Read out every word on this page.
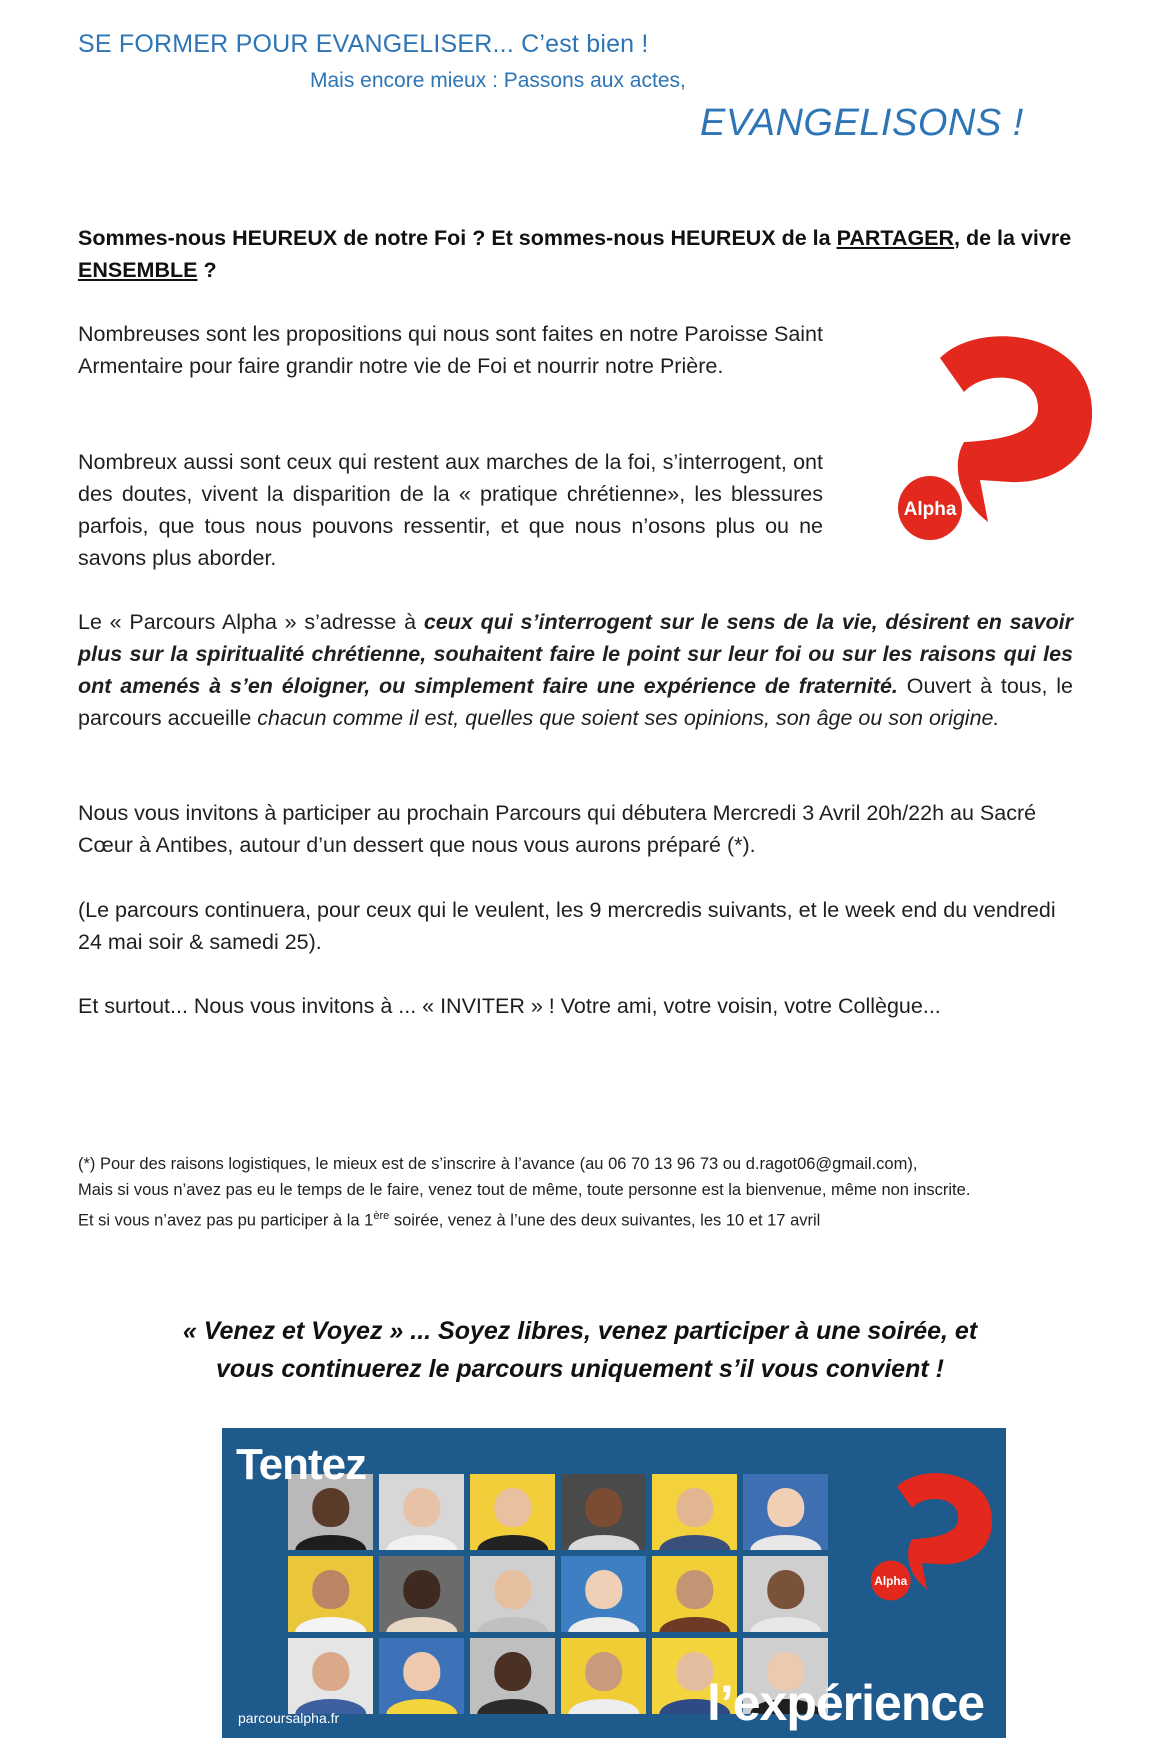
SE FORMER POUR EVANGELISER... C’est bien !

Mais encore mieux : Passons aux actes,

EVANGELISONS !

Sommes-nous HEUREUX de notre Foi ? Et sommes-nous HEUREUX de la PARTAGER, de la vivre ENSEMBLE ?

Nombreuses sont les propositions qui nous sont faites en notre Paroisse Saint Armentaire pour faire grandir notre vie de Foi et nourrir notre Prière.

Nombreux aussi sont ceux qui restent aux marches de la foi, s’interrogent, ont des doutes, vivent la disparition de la « pratique chrétienne», les blessures parfois, que tous nous pouvons ressentir, et que nous n’osons plus ou ne savons plus aborder.

Alpha

Le « Parcours Alpha » s’adresse à ceux qui s’interrogent sur le sens de la vie, désirent en savoir plus sur la spiritualité chrétienne, souhaitent faire le point sur leur foi ou sur les raisons qui les ont amenés à s’en éloigner, ou simplement faire une expérience de fraternité. Ouvert à tous, le parcours accueille chacun comme il est, quelles que soient ses opinions, son âge ou son origine.

Nous vous invitons à participer au prochain Parcours qui débutera Mercredi 3 Avril 20h/22h au Sacré Cœur à Antibes, autour d’un dessert que nous vous aurons préparé (*).

(Le parcours continuera, pour ceux qui le veulent, les 9 mercredis suivants, et le week end du vendredi 24 mai soir & samedi 25).

Et surtout... Nous vous invitons à ... « INVITER » ! Votre ami, votre voisin, votre Collègue...

(*) Pour des raisons logistiques, le mieux est de s’inscrire à l’avance (au 06 70 13 96 73 ou d.ragot06@gmail.com),
Mais si vous n’avez pas eu le temps de le faire, venez tout de même, toute personne est la bienvenue, même non inscrite.
Et si vous n’avez pas pu participer à la 1ère soirée, venez à l’une des deux suivantes, les 10 et 17 avril
« Venez et Voyez » ... Soyez libres, venez participer à une soirée, et
vous continuerez le parcours uniquement s’il vous convient !
Tentez
Alpha
l’expérience
parcoursalpha.fr
